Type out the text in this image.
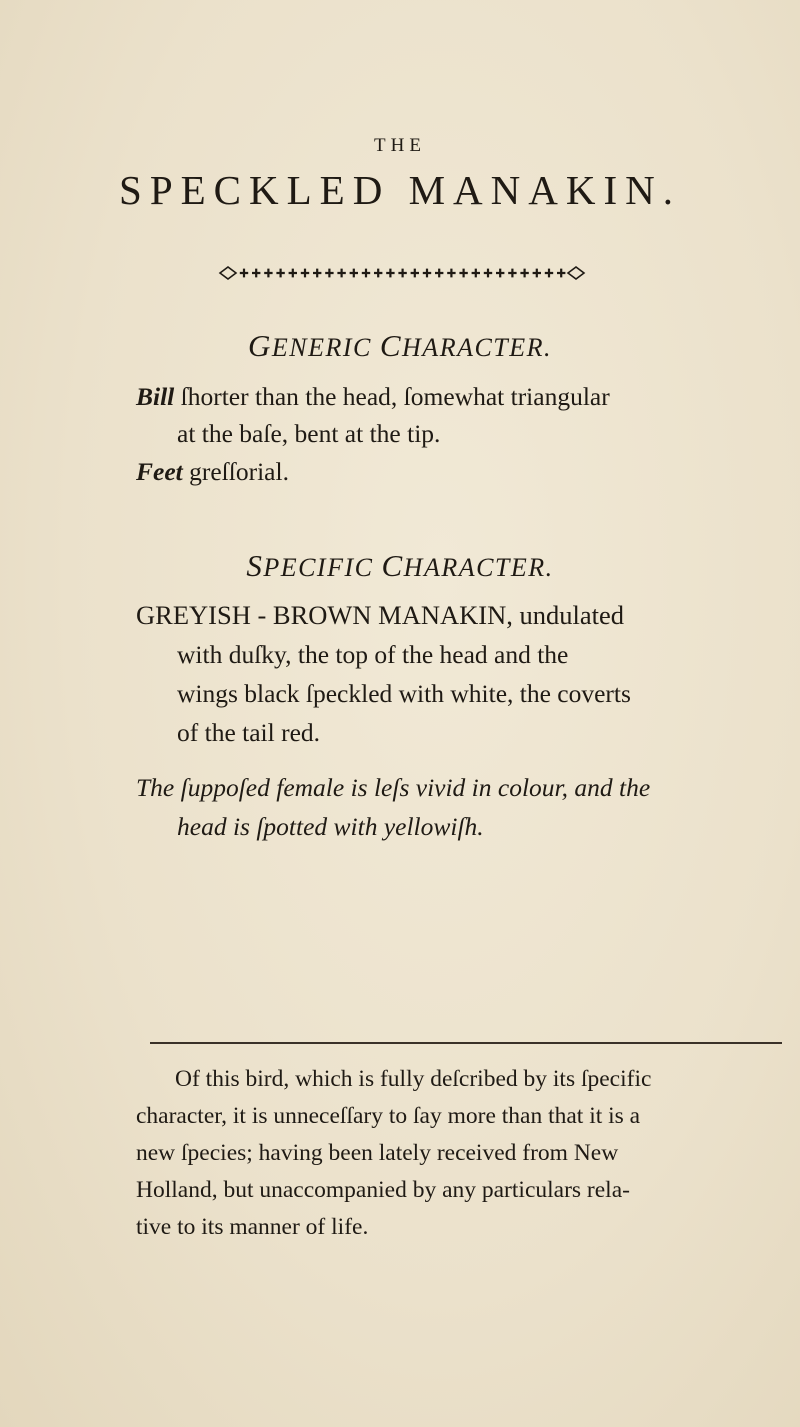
THE
SPECKLED MANAKIN.
GENERIC CHARACTER.
Bill ſhorter than the head, ſomewhat triangular
at the baſe, bent at the tip.
Feet greſſorial.
SPECIFIC CHARACTER.
GREYISH - BROWN MANAKIN, undulated
with duſky, the top of the head and the
wings black ſpeckled with white, the coverts
of the tail red.
The ſuppoſed female is leſs vivid in colour, and the
head is ſpotted with yellowiſh.
Of this bird, which is fully deſcribed by its ſpecific
character, it is unneceſſary to ſay more than that it is a
new ſpecies; having been lately received from New
Holland, but unaccompanied by any particulars rela-
tive to its manner of life.
